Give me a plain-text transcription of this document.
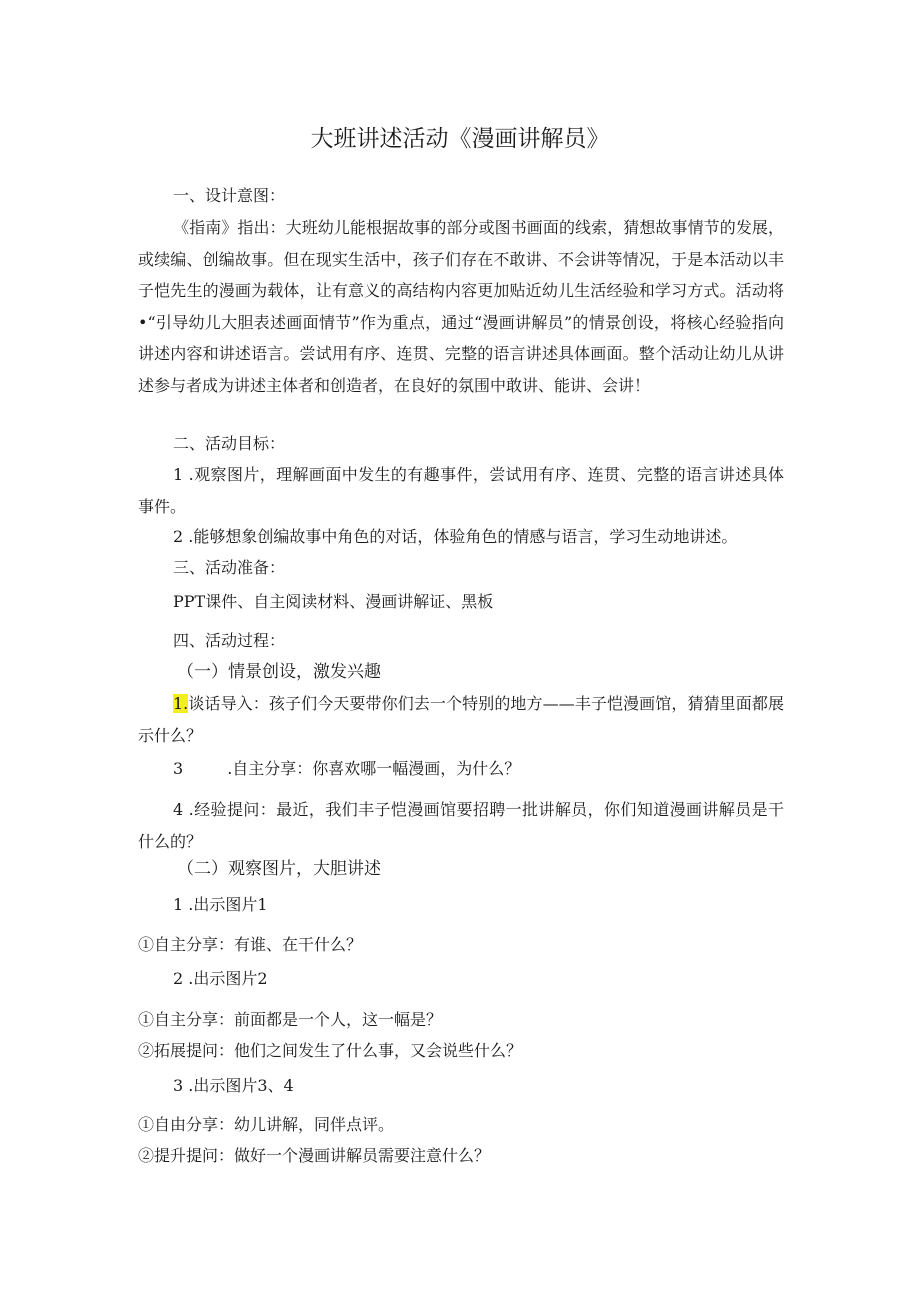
大班讲述活动《漫画讲解员》
一、设计意图：
《指南》指出：大班幼儿能根据故事的部分或图书画面的线索，猜想故事情节的发展，或续编、创编故事。但在现实生活中，孩子们存在不敢讲、不会讲等情况，于是本活动以丰子恺先生的漫画为载体，让有意义的高结构内容更加贴近幼儿生活经验和学习方式。活动将•“引导幼儿大胆表述画面情节”作为重点，通过“漫画讲解员”的情景创设，将核心经验指向讲述内容和讲述语言。尝试用有序、连贯、完整的语言讲述具体画面。整个活动让幼儿从讲述参与者成为讲述主体者和创造者，在良好的氛围中敢讲、能讲、会讲！
二、活动目标：
1 .观察图片，理解画面中发生的有趣事件，尝试用有序、连贯、完整的语言讲述具体事件。
2 .能够想象创编故事中角色的对话，体验角色的情感与语言，学习生动地讲述。
三、活动准备：
PPT课件、自主阅读材料、漫画讲解证、黑板
四、活动过程：
（一）情景创设，激发兴趣
1.谈话导入：孩子们今天要带你们去一个特别的地方——丰子恺漫画馆，猜猜里面都展示什么？
3	.自主分享：你喜欢哪一幅漫画，为什么？
4 .经验提问：最近，我们丰子恺漫画馆要招聘一批讲解员，你们知道漫画讲解员是干什么的？
（二）观察图片，大胆讲述
1 .出示图片1
①自主分享：有谁、在干什么？
2 .出示图片2
①自主分享：前面都是一个人，这一幅是？
②拓展提问：他们之间发生了什么事，又会说些什么？
3 .出示图片3、4
①自由分享：幼儿讲解，同伴点评。
②提升提问：做好一个漫画讲解员需要注意什么？
